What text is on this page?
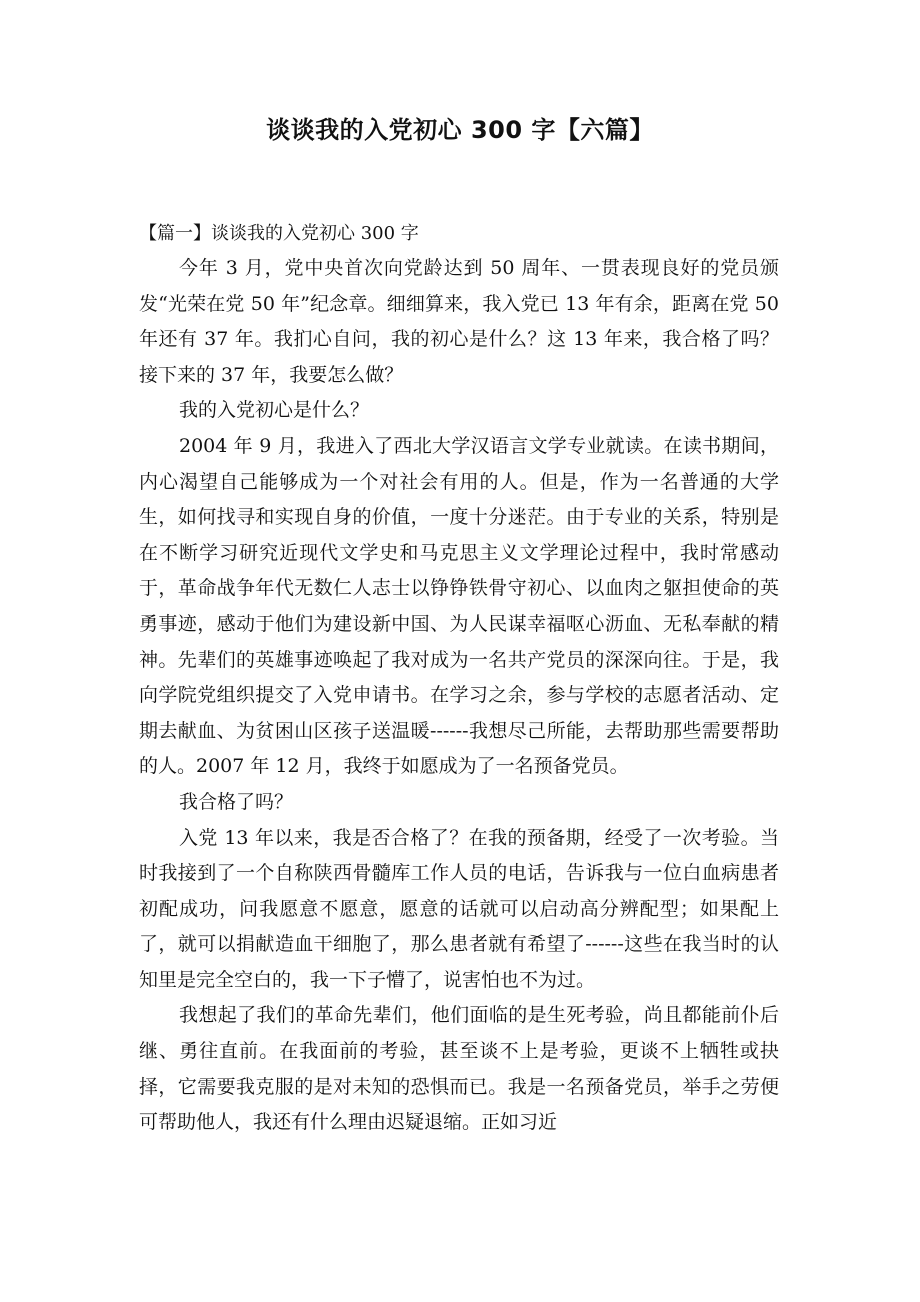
谈谈我的入党初心 300 字【六篇】

【篇一】谈谈我的入党初心 300 字

今年 3 月，党中央首次向党龄达到 50 周年、一贯表现良好的党员颁发“光荣在党 50 年”纪念章。细细算来，我入党已 13 年有余，距离在党 50 年还有 37 年。我扪心自问，我的初心是什么？这 13 年来，我合格了吗？接下来的 37 年，我要怎么做？

我的入党初心是什么？

2004 年 9 月，我进入了西北大学汉语言文学专业就读。在读书期间，内心渴望自己能够成为一个对社会有用的人。但是，作为一名普通的大学生，如何找寻和实现自身的价值，一度十分迷茫。由于专业的关系，特别是在不断学习研究近现代文学史和马克思主义文学理论过程中，我时常感动于，革命战争年代无数仁人志士以铮铮铁骨守初心、以血肉之躯担使命的英勇事迹，感动于他们为建设新中国、为人民谋幸福呕心沥血、无私奉献的精神。先辈们的英雄事迹唤起了我对成为一名共产党员的深深向往。于是，我向学院党组织提交了入党申请书。在学习之余，参与学校的志愿者活动、定期去献血、为贫困山区孩子送温暖------我想尽己所能，去帮助那些需要帮助的人。2007 年 12 月，我终于如愿成为了一名预备党员。

我合格了吗？

入党 13 年以来，我是否合格了？在我的预备期，经受了一次考验。当时我接到了一个自称陕西骨髓库工作人员的电话，告诉我与一位白血病患者初配成功，问我愿意不愿意，愿意的话就可以启动高分辨配型；如果配上了，就可以捐献造血干细胞了，那么患者就有希望了------这些在我当时的认知里是完全空白的，我一下子懵了，说害怕也不为过。

我想起了我们的革命先辈们，他们面临的是生死考验，尚且都能前仆后继、勇往直前。在我面前的考验，甚至谈不上是考验，更谈不上牺牲或抉择，它需要我克服的是对未知的恐惧而已。我是一名预备党员，举手之劳便可帮助他人，我还有什么理由迟疑退缩。正如习近
